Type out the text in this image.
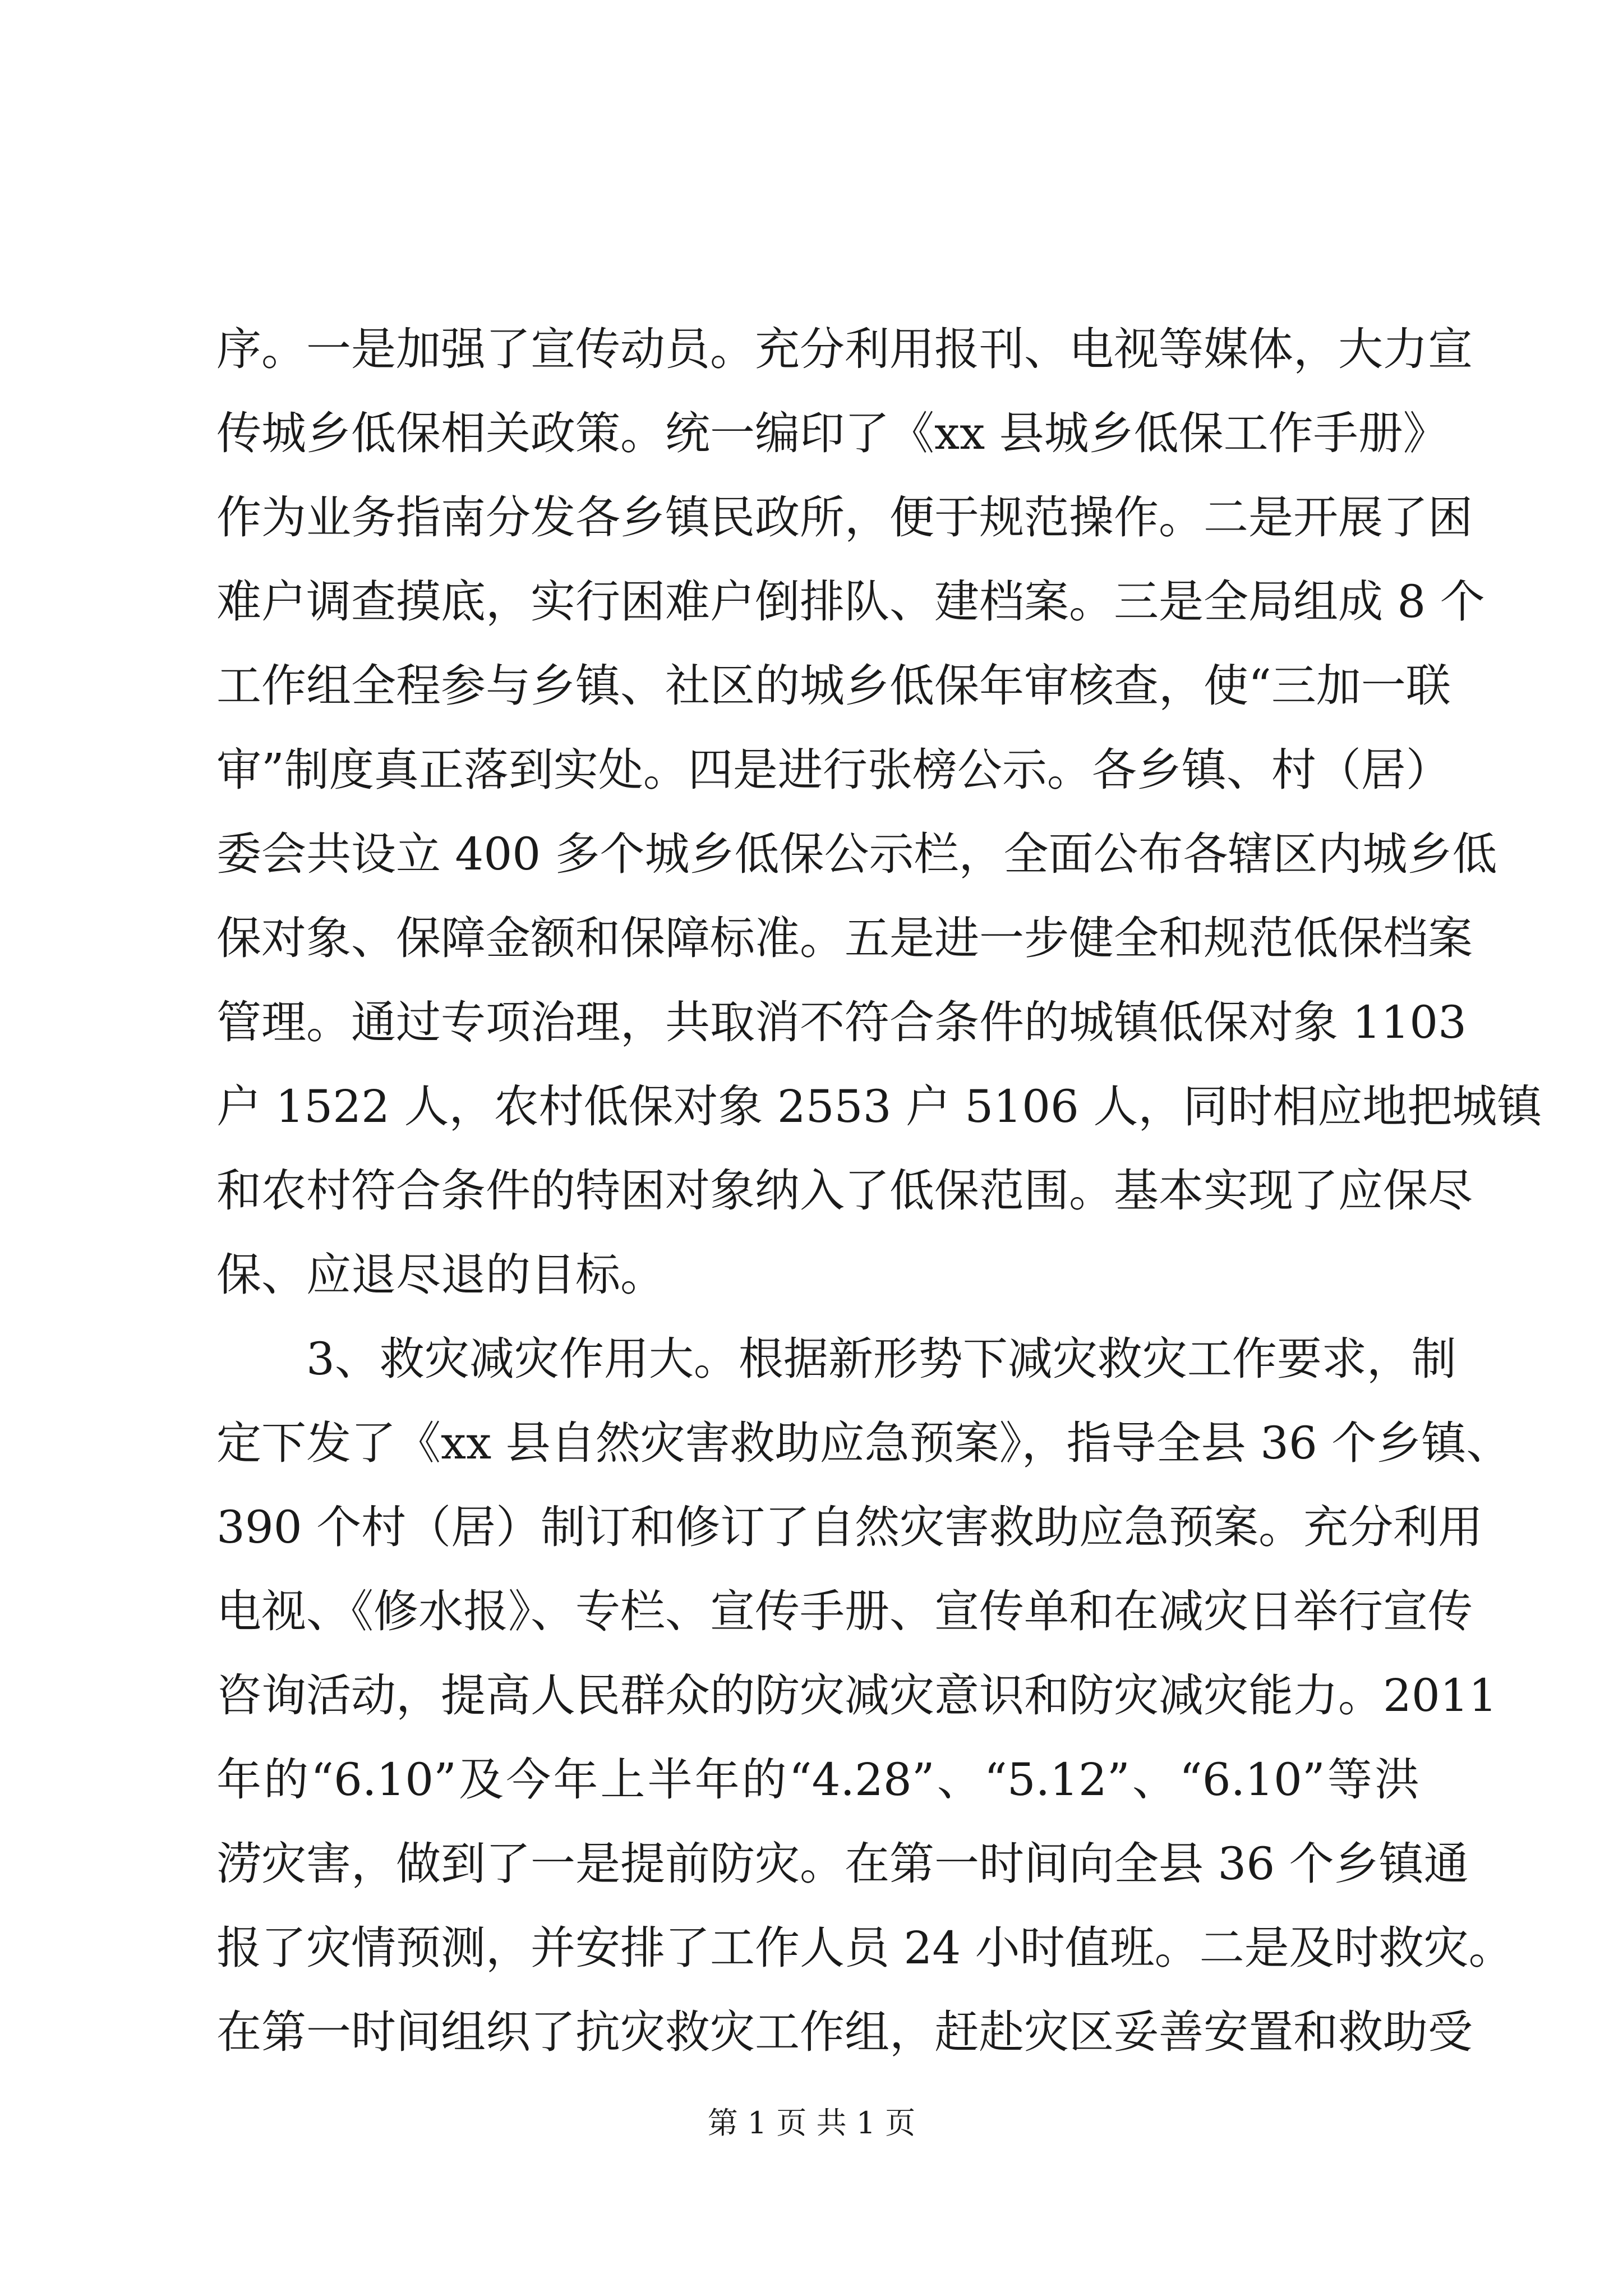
序。一是加强了宣传动员。充分利用报刊、电视等媒体，大力宣
传城乡低保相关政策。统一编印了《xx 县城乡低保工作手册》
作为业务指南分发各乡镇民政所，便于规范操作。二是开展了困
难户调查摸底，实行困难户倒排队、建档案。三是全局组成 8 个
工作组全程参与乡镇、社区的城乡低保年审核查，使“三加一联
审”制度真正落到实处。四是进行张榜公示。各乡镇、村（居）
委会共设立 400 多个城乡低保公示栏，全面公布各辖区内城乡低
保对象、保障金额和保障标准。五是进一步健全和规范低保档案
管理。通过专项治理，共取消不符合条件的城镇低保对象 1103
户 1522 人，农村低保对象 2553 户 5106 人，同时相应地把城镇
和农村符合条件的特困对象纳入了低保范围。基本实现了应保尽
保、应退尽退的目标。
3、救灾减灾作用大。根据新形势下减灾救灾工作要求，制
定下发了《xx 县自然灾害救助应急预案》，指导全县 36 个乡镇、
390 个村（居）制订和修订了自然灾害救助应急预案。充分利用
电视、《修水报》、专栏、宣传手册、宣传单和在减灾日举行宣传
咨询活动，提高人民群众的防灾减灾意识和防灾减灾能力。2011
年的“6.10”及今年上半年的“4.28”、“5.12”、“6.10”等洪
涝灾害，做到了一是提前防灾。在第一时间向全县 36 个乡镇通
报了灾情预测，并安排了工作人员 24 小时值班。二是及时救灾。
在第一时间组织了抗灾救灾工作组，赶赴灾区妥善安置和救助受
第 1 页 共 1 页
